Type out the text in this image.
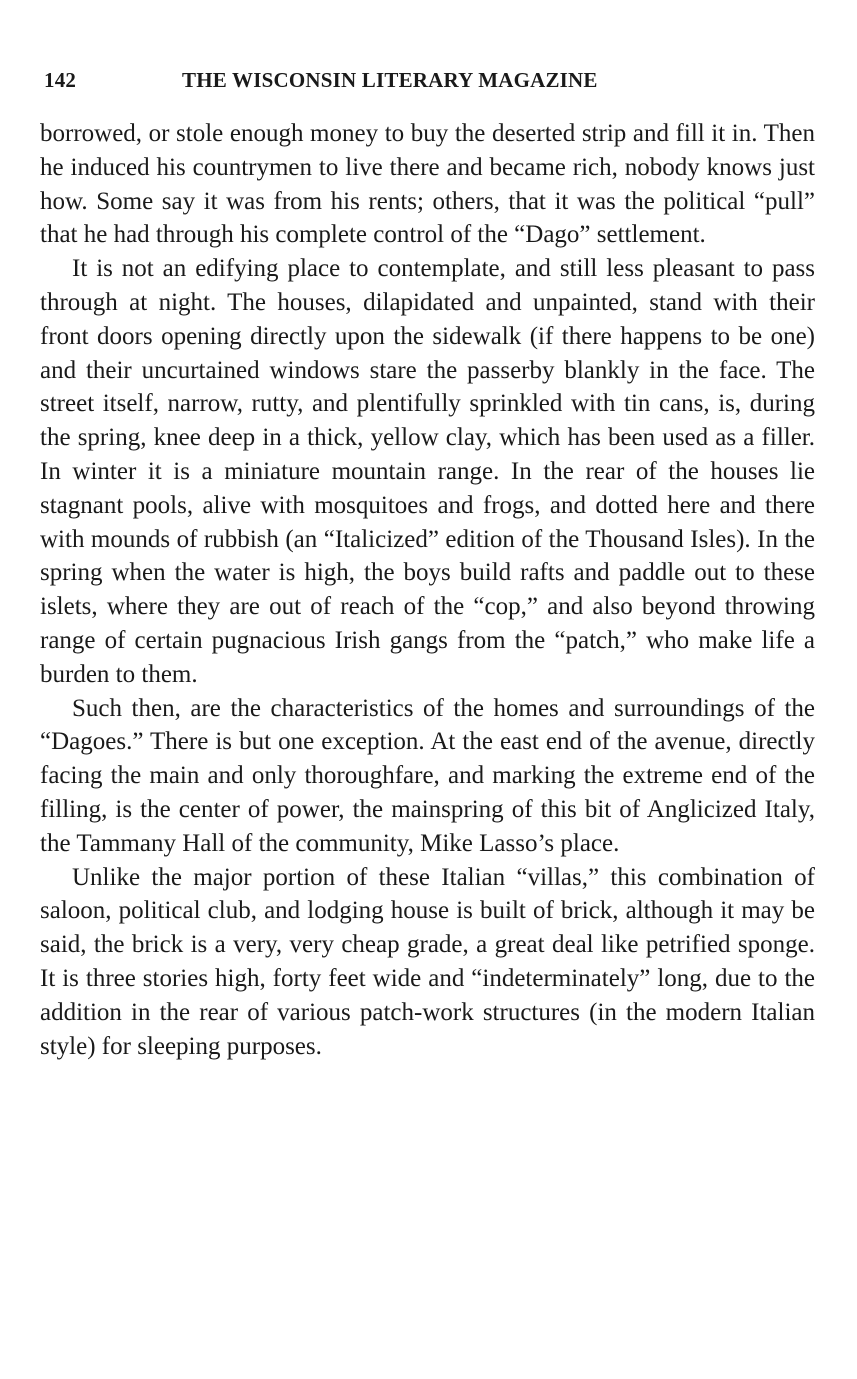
142	THE WISCONSIN LITERARY MAGAZINE

borrowed, or stole enough money to buy the deserted strip and fill it in. Then he induced his countrymen to live there and became rich, nobody knows just how. Some say it was from his rents; others, that it was the political “pull” that he had through his complete control of the “Dago” settlement.

It is not an edifying place to contemplate, and still less pleasant to pass through at night. The houses, dilapidated and unpainted, stand with their front doors opening directly upon the sidewalk (if there happens to be one) and their uncurtained windows stare the passerby blankly in the face. The street itself, narrow, rutty, and plentifully sprinkled with tin cans, is, during the spring, knee deep in a thick, yellow clay, which has been used as a filler. In winter it is a miniature mountain range. In the rear of the houses lie stagnant pools, alive with mosquitoes and frogs, and dotted here and there with mounds of rubbish (an “Italicized” edition of the Thousand Isles). In the spring when the water is high, the boys build rafts and paddle out to these islets, where they are out of reach of the “cop,” and also beyond throwing range of certain pugnacious Irish gangs from the “patch,” who make life a burden to them.

Such then, are the characteristics of the homes and surroundings of the “Dagoes.” There is but one exception. At the east end of the avenue, directly facing the main and only thoroughfare, and marking the extreme end of the filling, is the center of power, the mainspring of this bit of Anglicized Italy, the Tammany Hall of the community, Mike Lasso’s place.

Unlike the major portion of these Italian “villas,” this combination of saloon, political club, and lodging house is built of brick, although it may be said, the brick is a very, very cheap grade, a great deal like petrified sponge. It is three stories high, forty feet wide and “indeterminately” long, due to the addition in the rear of various patch-work structures (in the modern Italian style) for sleeping purposes.
